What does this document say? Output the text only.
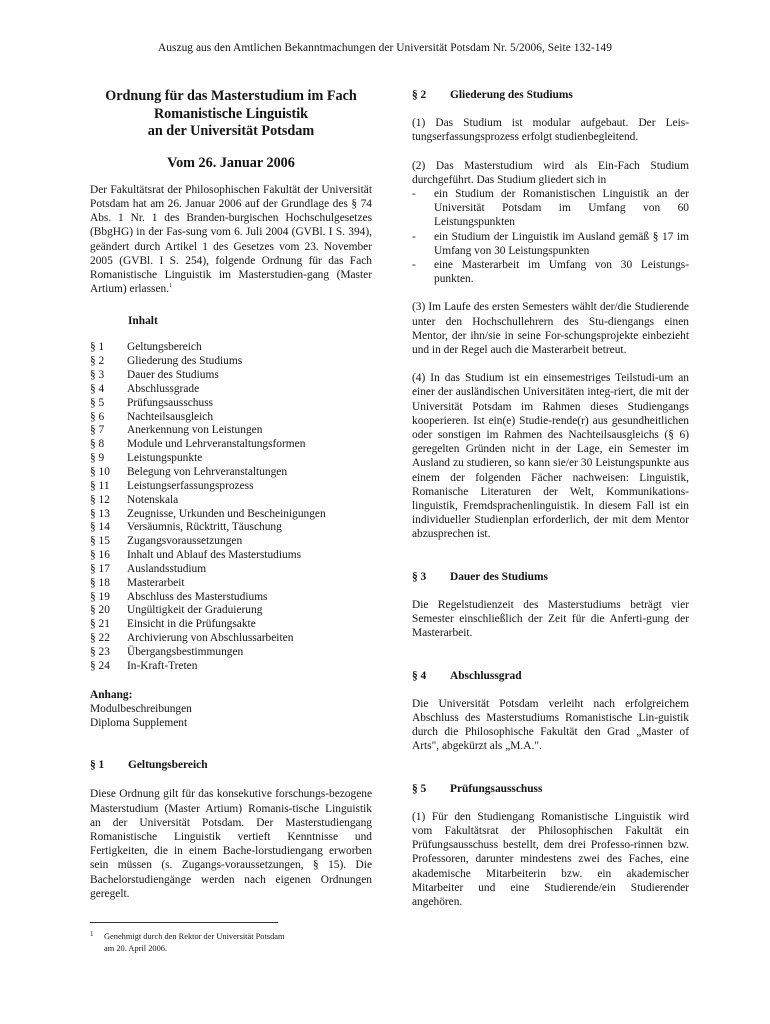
Auszug aus den Amtlichen Bekanntmachungen der Universität Potsdam Nr. 5/2006, Seite 132-149
Ordnung für das Masterstudium im Fach
Romanistische Linguistik
an der Universität Potsdam
Vom 26. Januar 2006

Der Fakultätsrat der Philosophischen Fakultät der Universität Potsdam hat am 26. Januar 2006 auf der Grundlage des § 74 Abs. 1 Nr. 1 des Branden-burgischen Hochschulgesetzes (BbgHG) in der Fas-sung vom 6. Juli 2004 (GVBl. I S. 394), geändert durch Artikel 1 des Gesetzes vom 23. November 2005 (GVBl. I S. 254), folgende Ordnung für das Fach Romanistische Linguistik im Masterstudien-gang (Master Artium) erlassen.$^1$

Inhalt
§ 1	Geltungsbereich
§ 2	Gliederung des Studiums
§ 3	Dauer des Studiums
§ 4	Abschlussgrade
§ 5	Prüfungsausschuss
§ 6	Nachteilsausgleich
§ 7	Anerkennung von Leistungen
§ 8	Module und Lehrveranstaltungsformen
§ 9	Leistungspunkte
§ 10	Belegung von Lehrveranstaltungen
§ 11	Leistungserfassungsprozess
§ 12	Notenskala
§ 13	Zeugnisse, Urkunden und Bescheinigungen
§ 14	Versäumnis, Rücktritt, Täuschung
§ 15	Zugangsvoraussetzungen
§ 16	Inhalt und Ablauf des Masterstudiums
§ 17	Auslandsstudium
§ 18	Masterarbeit
§ 19	Abschluss des Masterstudiums
§ 20	Ungültigkeit der Graduierung
§ 21	Einsicht in die Prüfungsakte
§ 22	Archivierung von Abschlussarbeiten
§ 23	Übergangsbestimmungen
§ 24	In-Kraft-Treten
Anhang:
Modulbeschreibungen
Diploma Supplement
§ 1	Geltungsbereich

Diese Ordnung gilt für das konsekutive forschungs-bezogene Masterstudium (Master Artium) Romanis-tische Linguistik an der Universität Potsdam. Der Masterstudiengang Romanistische Linguistik vertieft Kenntnisse und Fertigkeiten, die in einem Bache-lorstudiengang erworben sein müssen (s. Zugangs-voraussetzungen, § 15). Die Bachelorstudiengänge werden nach eigenen Ordnungen geregelt.

1 Genehmigt durch den Rektor der Universität Potsdam
am 20. April 2006.
§ 2	Gliederung des Studiums

(1) Das Studium ist modular aufgebaut. Der Leis-tungserfassungsprozess erfolgt studienbegleitend.

(2) Das Masterstudium wird als Ein-Fach Studium durchgeführt. Das Studium gliedert sich in

-	ein Studium der Romanistischen Linguistik an der Universität Potsdam im Umfang von 60 Leistungspunkten
-	ein Studium der Linguistik im Ausland gemäß § 17 im Umfang von 30 Leistungspunkten
-	eine Masterarbeit im Umfang von 30 Leistungs-punkten.

(3) Im Laufe des ersten Semesters wählt der/die Studierende unter den Hochschullehrern des Stu-diengangs einen Mentor, der ihn/sie in seine For-schungsprojekte einbezieht und in der Regel auch die Masterarbeit betreut.

(4) In das Studium ist ein einsemestriges Teilstudi-um an einer der ausländischen Universitäten integ-riert, die mit der Universität Potsdam im Rahmen dieses Studiengangs kooperieren. Ist ein(e) Studie-rende(r) aus gesundheitlichen oder sonstigen im Rahmen des Nachteilsausgleichs (§ 6) geregelten Gründen nicht in der Lage, ein Semester im Ausland zu studieren, so kann sie/er 30 Leistungspunkte aus einem der folgenden Fächer nachweisen: Linguistik, Romanische Literaturen der Welt, Kommunikations-linguistik, Fremdsprachenlinguistik. In diesem Fall ist ein individueller Studienplan erforderlich, der mit dem Mentor abzusprechen ist.

§ 3	Dauer des Studiums

Die Regelstudienzeit des Masterstudiums beträgt vier Semester einschließlich der Zeit für die Anferti-gung der Masterarbeit.

§ 4	Abschlussgrad

Die Universität Potsdam verleiht nach erfolgreichem Abschluss des Masterstudiums Romanistische Lin-guistik durch die Philosophische Fakultät den Grad „Master of Arts", abgekürzt als „M.A.".

§ 5	Prüfungsausschuss

(1) Für den Studiengang Romanistische Linguistik wird vom Fakultätsrat der Philosophischen Fakultät ein Prüfungsausschuss bestellt, dem drei Professo-rinnen bzw. Professoren, darunter mindestens zwei des Faches, eine akademische Mitarbeiterin bzw. ein akademischer Mitarbeiter und eine Studierende/ein Studierender angehören.
